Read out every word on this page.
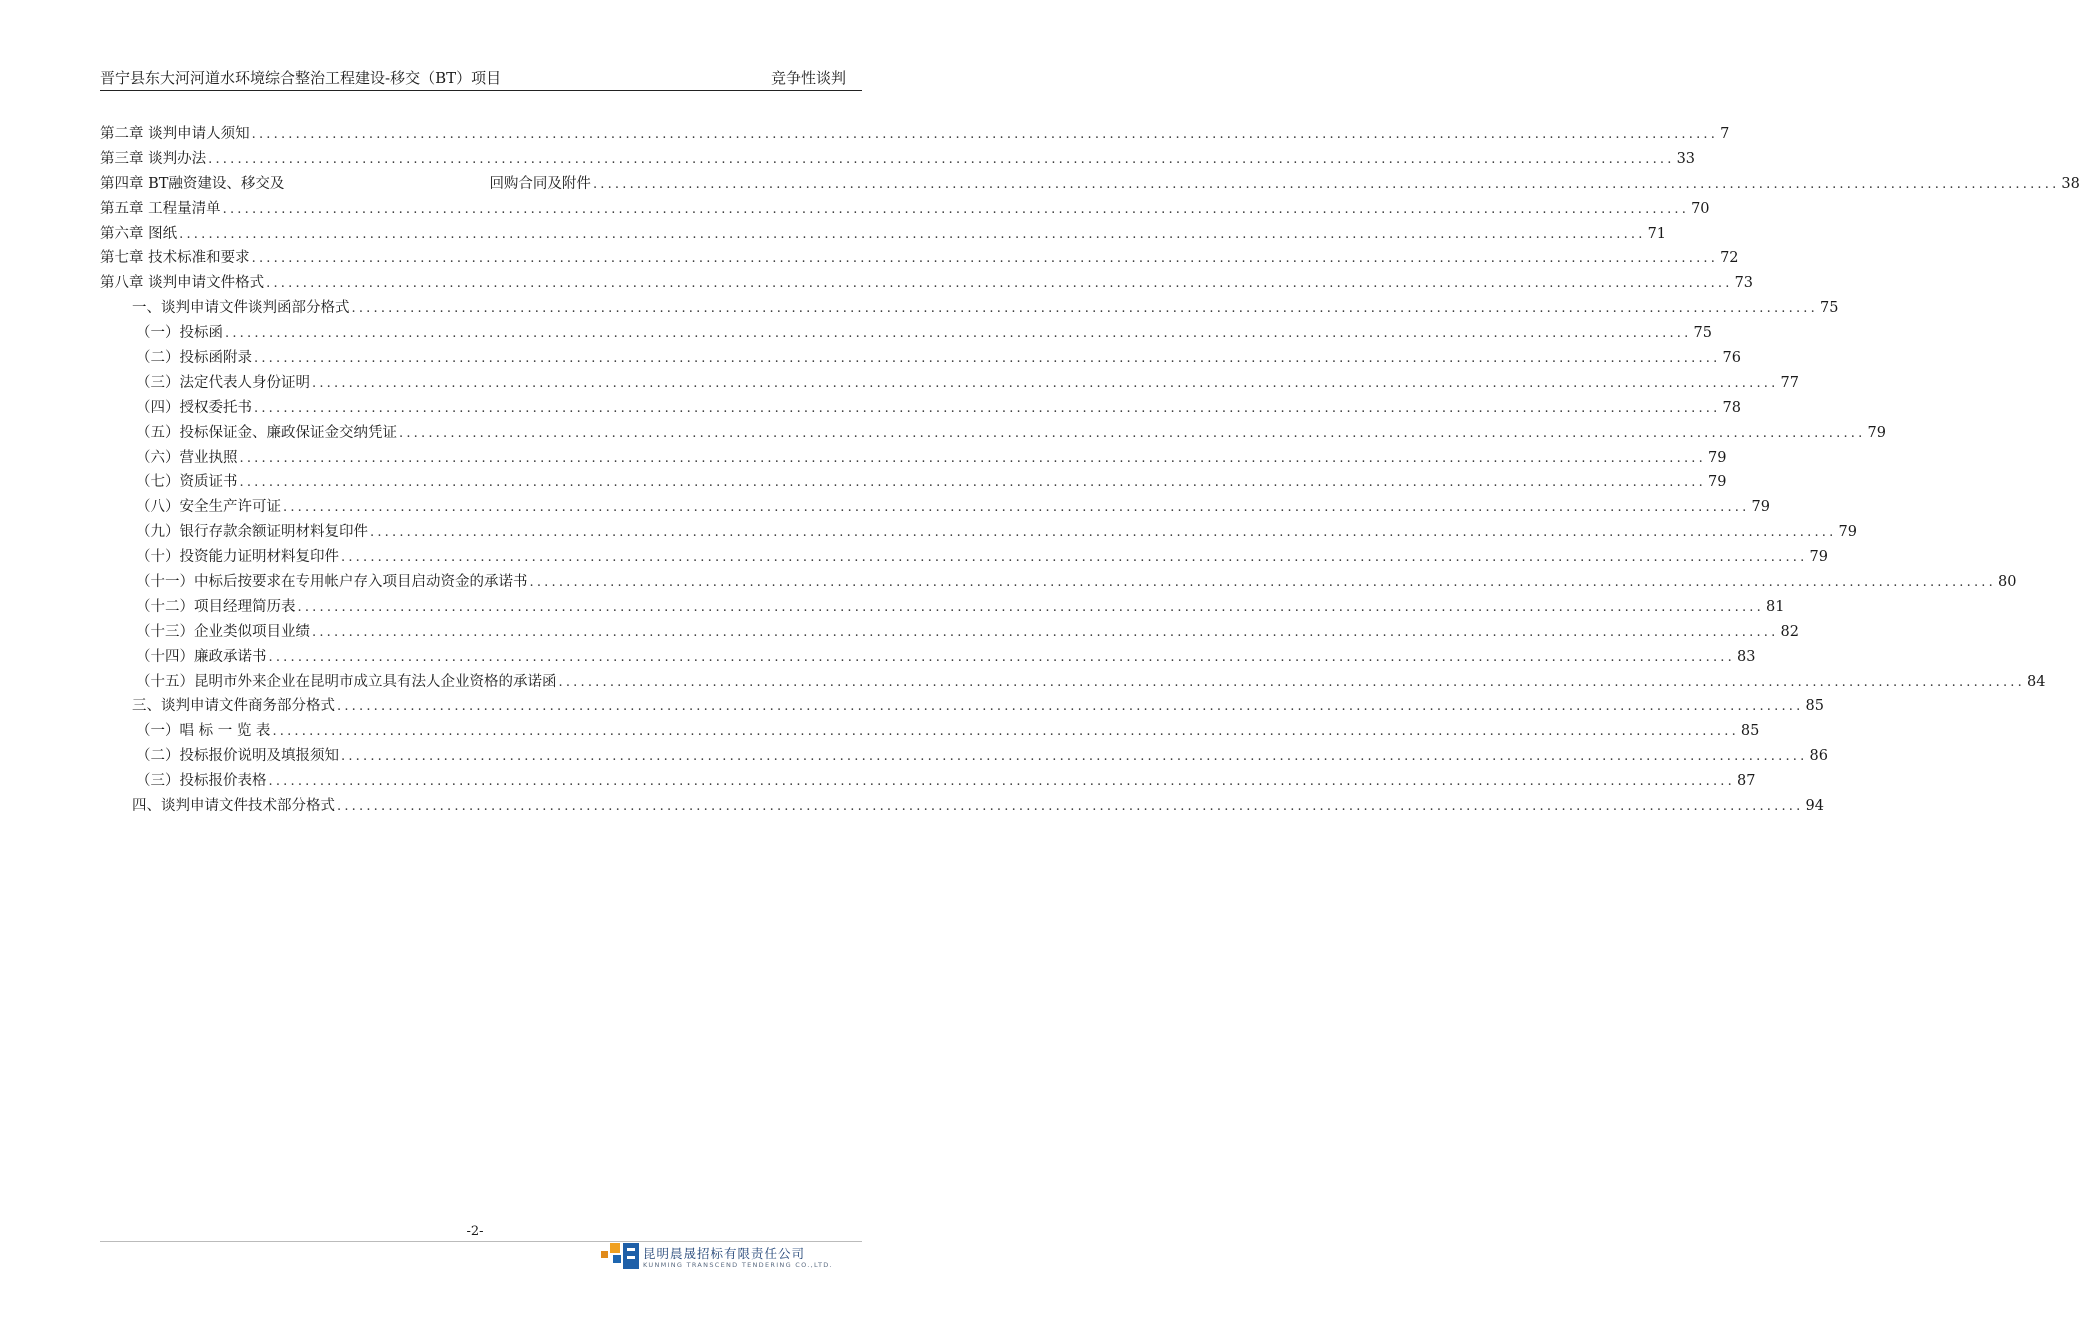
晋宁县东大河河道水环境综合整治工程建设-移交（BT）项目	竞争性谈判
第二章 谈判申请人须知 ........................................................................................................................................................................................................ 7
第三章 谈判办法 ........................................................................................................................................................................................................ 33
第四章 BT融资建设、移交及	回购合同及附件 ........................................................................................................................................................................................................ 38
第五章 工程量清单 ........................................................................................................................................................................................................ 70
第六章 图纸 ........................................................................................................................................................................................................ 71
第七章 技术标准和要求 ........................................................................................................................................................................................................ 72
第八章 谈判申请文件格式 ........................................................................................................................................................................................................ 73
一、谈判申请文件谈判函部分格式 ........................................................................................................................................................................................................ 75
（一）投标函 ........................................................................................................................................................................................................ 75
（二）投标函附录 ........................................................................................................................................................................................................ 76
（三）法定代表人身份证明 ........................................................................................................................................................................................................ 77
（四）授权委托书 ........................................................................................................................................................................................................ 78
（五）投标保证金、廉政保证金交纳凭证 ........................................................................................................................................................................................................ 79
（六）营业执照 ........................................................................................................................................................................................................ 79
（七）资质证书 ........................................................................................................................................................................................................ 79
（八）安全生产许可证 ........................................................................................................................................................................................................ 79
（九）银行存款余额证明材料复印件 ........................................................................................................................................................................................................ 79
（十）投资能力证明材料复印件 ........................................................................................................................................................................................................ 79
（十一）中标后按要求在专用帐户存入项目启动资金的承诺书 ........................................................................................................................................................................................................ 80
（十二）项目经理简历表 ........................................................................................................................................................................................................ 81
（十三）企业类似项目业绩 ........................................................................................................................................................................................................ 82
（十四）廉政承诺书 ........................................................................................................................................................................................................ 83
（十五）昆明市外来企业在昆明市成立具有法人企业资格的承诺函 ........................................................................................................................................................................................................ 84
三、谈判申请文件商务部分格式 ........................................................................................................................................................................................................ 85
（一）唱 标 一 览 表 ........................................................................................................................................................................................................ 85
（二）投标报价说明及填报须知 ........................................................................................................................................................................................................ 86
（三）投标报价表格 ........................................................................................................................................................................................................ 87
四、谈判申请文件技术部分格式 ........................................................................................................................................................................................................ 94
-2-
昆明晨晟招标有限责任公司
KUNMING TRANSCEND TENDERING CO.,LTD.
